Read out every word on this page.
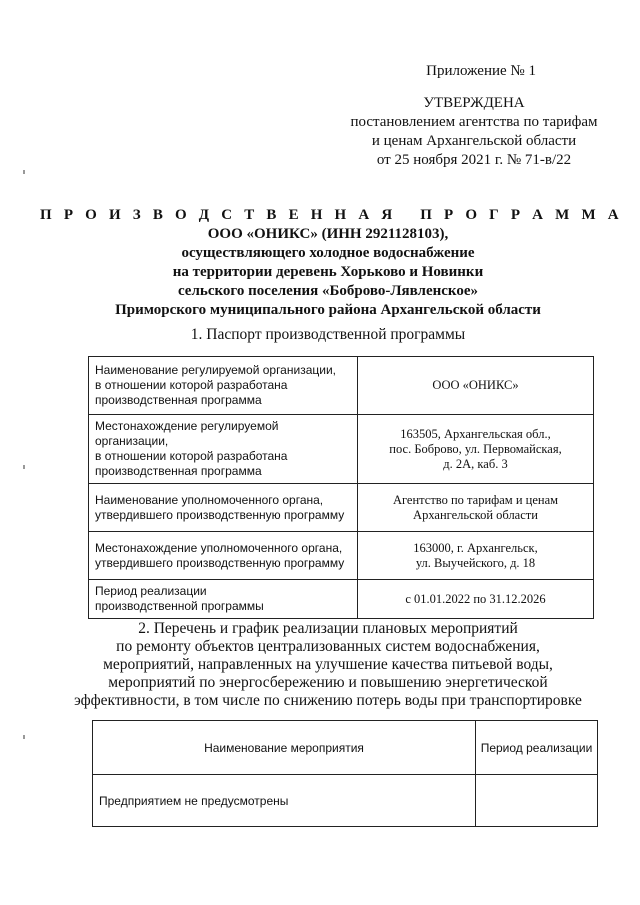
Приложение № 1
УТВЕРЖДЕНА
постановлением агентства по тарифам
и ценам Архангельской области
от 25 ноября 2021 г. № 71-в/22
П Р О И З В О Д С Т В Е Н Н А Я   П Р О Г Р А М М А
ООО «ОНИКС» (ИНН 2921128103),
осуществляющего холодное водоснабжение
на территории деревень Хорьково и Новинки
сельского поселения «Боброво-Лявленское»
Приморского муниципального района Архангельской области
1. Паспорт производственной программы
Наименование регулируемой организации,
в отношении которой разработана
производственная программа	ООО «ОНИКС»
Местонахождение регулируемой организации,
в отношении которой разработана
производственная программа	163505, Архангельская обл.,
пос. Боброво, ул. Первомайская,
д. 2А, каб. 3
Наименование уполномоченного органа,
утвердившего производственную программу	Агентство по тарифам и ценам
Архангельской области
Местонахождение уполномоченного органа,
утвердившего производственную программу	163000, г. Архангельск,
ул. Выучейского, д. 18
Период реализации
производственной программы	с 01.01.2022 по 31.12.2026
2. Перечень и график реализации плановых мероприятий
по ремонту объектов централизованных систем водоснабжения,
мероприятий, направленных на улучшение качества питьевой воды,
мероприятий по энергосбережению и повышению энергетической
эффективности, в том числе по снижению потерь воды при транспортировке
Наименование мероприятия	Период реализации
Предприятием не предусмотрены	
